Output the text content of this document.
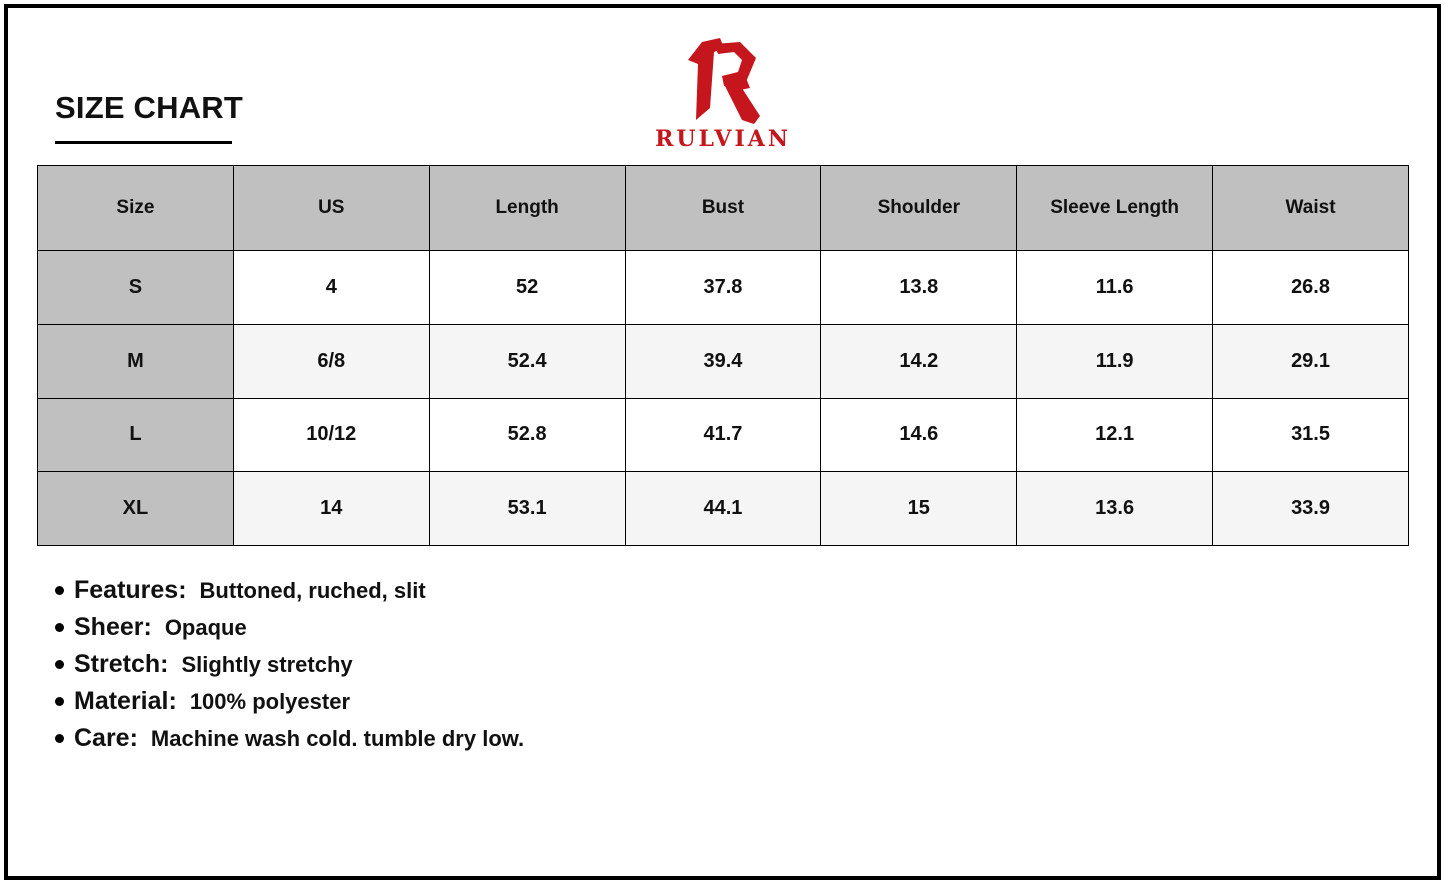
SIZE CHART
RULVIAN
Size	US	Length	Bust	Shoulder	Sleeve Length	Waist
S	4	52	37.8	13.8	11.6	26.8
M	6/8	52.4	39.4	14.2	11.9	29.1
L	10/12	52.8	41.7	14.6	12.1	31.5
XL	14	53.1	44.1	15	13.6	33.9
Features: Buttoned, ruched, slit
Sheer: Opaque
Stretch: Slightly stretchy
Material: 100% polyester
Care: Machine wash cold. tumble dry low.
